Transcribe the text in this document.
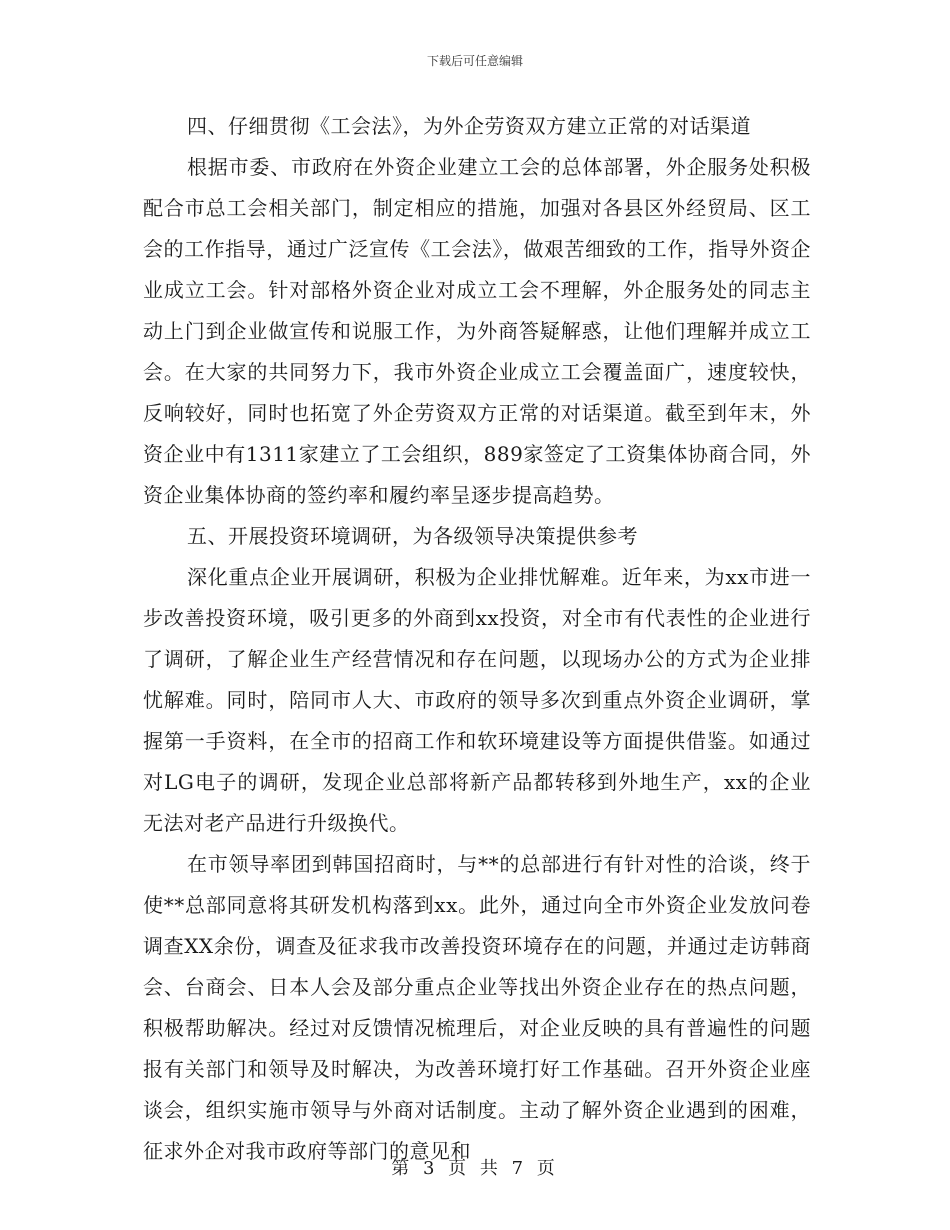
下载后可任意编辑

四、仔细贯彻《工会法》，为外企劳资双方建立正常的对话渠道

根据市委、市政府在外资企业建立工会的总体部署，外企服务处积极配合市总工会相关部门，制定相应的措施，加强对各县区外经贸局、区工会的工作指导，通过广泛宣传《工会法》，做艰苦细致的工作，指导外资企业成立工会。针对部格外资企业对成立工会不理解，外企服务处的同志主动上门到企业做宣传和说服工作，为外商答疑解惑，让他们理解并成立工会。在大家的共同努力下，我市外资企业成立工会覆盖面广，速度较快，反响较好，同时也拓宽了外企劳资双方正常的对话渠道。截至到年末，外资企业中有1311家建立了工会组织，889家签定了工资集体协商合同，外资企业集体协商的签约率和履约率呈逐步提高趋势。

五、开展投资环境调研，为各级领导决策提供参考

深化重点企业开展调研，积极为企业排忧解难。近年来，为xx市进一步改善投资环境，吸引更多的外商到xx投资，对全市有代表性的企业进行了调研，了解企业生产经营情况和存在问题，以现场办公的方式为企业排忧解难。同时，陪同市人大、市政府的领导多次到重点外资企业调研，掌握第一手资料，在全市的招商工作和软环境建设等方面提供借鉴。如通过对LG电子的调研，发现企业总部将新产品都转移到外地生产，xx的企业无法对老产品进行升级换代。

在市领导率团到韩国招商时，与**的总部进行有针对性的洽谈，终于使**总部同意将其研发机构落到xx。此外，通过向全市外资企业发放问卷调查XX余份，调查及征求我市改善投资环境存在的问题，并通过走访韩商会、台商会、日本人会及部分重点企业等找出外资企业存在的热点问题，积极帮助解决。经过对反馈情况梳理后，对企业反映的具有普遍性的问题报有关部门和领导及时解决，为改善环境打好工作基础。召开外资企业座谈会，组织实施市领导与外商对话制度。主动了解外资企业遇到的困难，征求外企对我市政府等部门的意见和

第 3 页 共 7 页
